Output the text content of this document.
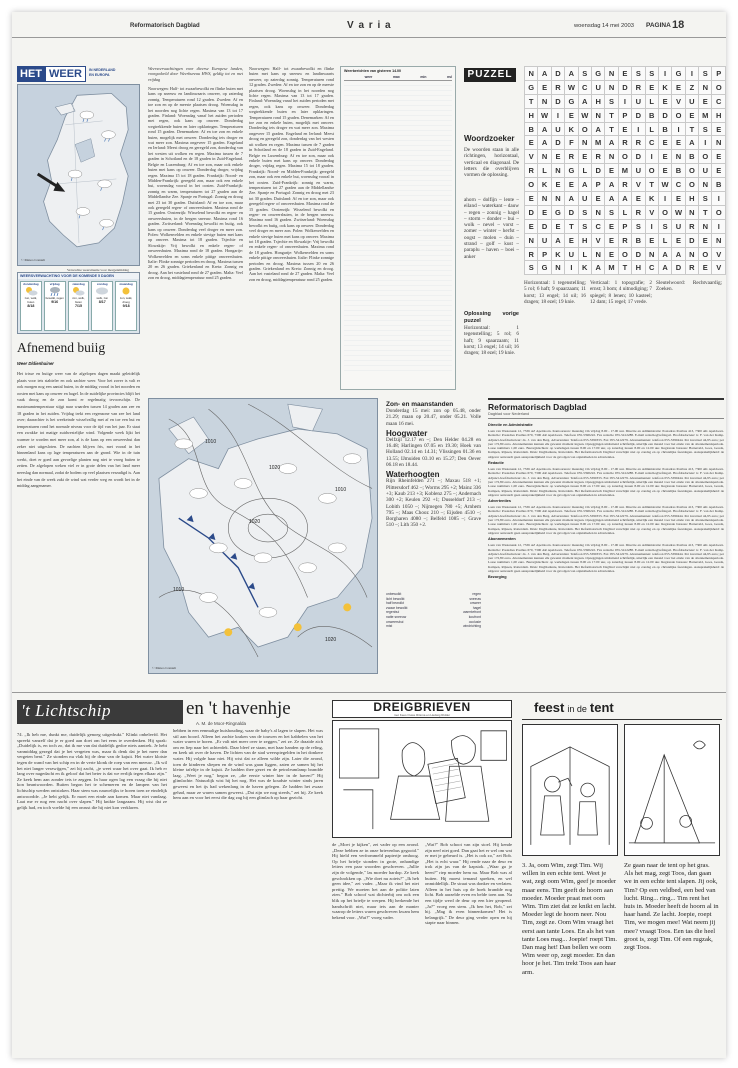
Reformatorisch Dagblad	V a r i a	woensdag 14 mei 2003 PAGINA 18
HET WEER	IN NEDERLAND EN EUROPA
© Meteo Consult
Verwachte weersituatie voor morgenmiddag
WEERSVERWACHTING VOOR DE KOMENDE 5 DAGEN
donderdag
zon, wolk, buien
8/18
vrijdag
bewolkt, regen
9/16
zaterdag
zon, wolk, buien
7/15
zondag
wolk, zon
8/17
maandag
zon, wolk, droog
9/18
Afnemend buiig
Weer Dldienhuiner
Het trisse en buiige weer van de afgelopen dagen maakt geleidelijk plaats voor iets stabieler en ook zachter weer. Voor het zover is valt er ook morgen nog een aantal buien, in de middag vooral in het noorden en oosten met kans op onweer en hagel. In de zuidelijke provincies blijft het vaak droog en de zon komt er regelmatig tevoorschijn. De maximumtemperatuur stijgt naar waarden tussen 14 graden aan zee en 18 graden in het zuiden. Vrijdag trekt een regenzone van zee het land over; daarachter is het weekeinde wisselvallig met af en toe een bui en temperaturen rond het normale niveau voor de tijd van het jaar. Er staat een zwakke tot matige zuidwestelijke wind. Volgende week lijkt het warmer te worden met meer zon, al is de kans op een onweersbui dan zeker niet uitgesloten. De nachten blijven fris, met vooral in het binnenland kans op lage temperaturen aan de grond. Wie in de tuin werkt, doet er goed aan gevoelige planten nog niet te vroeg buiten te zetten. De afgelopen weken viel er in grote delen van het land meer neerslag dan normaal, zodat de bodem op veel plaatsen verzadigd is. Aan het einde van de week zakt de wind wat verder weg en wordt het in de middag aangenamer.
Weersverwachtingen voor diverse Europese landen, voorgedeeld door Weerbureau HWS, geldig tot en met vrijdag
Noorwegen: Half- tot zwaarbewolkt en flinke buien met kans op sneeuw en landinwaarts onweer, op zaterdag zonnig. Temperaturen rond 12 graden. Zweden: Af en toe zon en op de meeste plaatsen droog. Woensdag in het noorden nog lichte regen. Maxima van 13 tot 17 graden. Finland: Woensdag vanaf het zuiden perioden met regen, ook kans op onweer. Donderdag wegtrekkende buien en later opklaringen. Temperaturen rond 15 graden. Denemarken: Af en toe zon en enkele buien, mogelijk met onweer. Donderdag iets droger en wat meer zon. Maxima ongeveer 15 graden. Engeland en Ierland: Meest droog en geregeld zon, donderdag van het westen uit wolken en regen. Maxima tussen de 7 graden in Schotland en de 18 graden in Zuid-Engeland. Belgie en Luxemburg: Af en toe zon, maar ook enkele buien met kans op onweer. Donderdag droger, vrijdag regen. Maxima 15 tot 18 graden. Frankrijk: Noord- en Midden-Frankrijk: geregeld zon, maar ook een enkele bui, woensdag vooral in het oosten. Zuid-Frankrijk: zonnig en warm, temperaturen tot 27 graden aan de Middellandse Zee. Spanje en Portugal: Zonnig en droog met 23 tot 30 graden. Duitsland: Af en toe zon, maar ook geregeld regen- of onweersbuien. Maxima rond de 15 graden. Oostenrijk: Wisselend bewolkt en regen- en onweersbuien, in de bergen sneeuw. Maxima rond 16 graden. Zwitserland: Woensdag bewolkt en buiig, ook kans op onweer. Donderdag veel droger en meer zon. Polen: Wolkenvelden en enkele stevige buien met kans op onweer. Maxima tot 18 graden. Tsjechie en Slowakije: Vrij bewolkt en enkele regen- of onweersbuien. Maxima rond de 18 graden. Hongarije: Wolkenvelden en soms enkele pittige onweersbuien. Italie: Flinke zonnige perioden en droog. Maxima tussen 20 en 26 graden. Griekenland en Kreta: Zonnig en droog. Aan het vasteland rond de 27 graden. Malta: Veel zon en droog, middagtemperatuur rond 25 graden.
Noorwegen: Half- tot zwaarbewolkt en flinke buien met kans op sneeuw en landinwaarts onweer, op zaterdag zonnig. Temperaturen rond 12 graden. Zweden: Af en toe zon en op de meeste plaatsen droog. Woensdag in het noorden nog lichte regen. Maxima van 13 tot 17 graden. Finland: Woensdag vanaf het zuiden perioden met regen, ook kans op onweer. Donderdag wegtrekkende buien en later opklaringen. Temperaturen rond 15 graden. Denemarken: Af en toe zon en enkele buien, mogelijk met onweer. Donderdag iets droger en wat meer zon. Maxima ongeveer 15 graden. Engeland en Ierland: Meest droog en geregeld zon, donderdag van het westen uit wolken en regen. Maxima tussen de 7 graden in Schotland en de 18 graden in Zuid-Engeland. Belgie en Luxemburg: Af en toe zon, maar ook enkele buien met kans op onweer. Donderdag droger, vrijdag regen. Maxima 15 tot 18 graden. Frankrijk: Noord- en Midden-Frankrijk: geregeld zon, maar ook een enkele bui, woensdag vooral in het oosten. Zuid-Frankrijk: zonnig en warm, temperaturen tot 27 graden aan de Middellandse Zee. Spanje en Portugal: Zonnig en droog met 23 tot 30 graden. Duitsland: Af en toe zon, maar ook geregeld regen- of onweersbuien. Maxima rond de 15 graden. Oostenrijk: Wisselend bewolkt en regen- en onweersbuien, in de bergen sneeuw. Maxima rond 16 graden. Zwitserland: Woensdag bewolkt en buiig, ook kans op onweer. Donderdag veel droger en meer zon. Polen: Wolkenvelden en enkele stevige buien met kans op onweer. Maxima tot 18 graden. Tsjechie en Slowakije: Vrij bewolkt en enkele regen- of onweersbuien. Maxima rond de 18 graden. Hongarije: Wolkenvelden en soms enkele pittige onweersbuien. Italie: Flinke zonnige perioden en droog. Maxima tussen 20 en 26 graden. Griekenland en Kreta: Zonnig en droog. Aan het vasteland rond de 27 graden. Malta: Veel zon en droog, middagtemperatuur rond 25 graden.
Weerberichten van gisteren 14.00
weer	max	min	nsl	PUZZEL
Woordzoeker
De woorden staan in alle richtingen, horizontaal, verticaal en diagonaal. De letters die overblijven vormen de oplossing.
ahorn – dolfijn – lente – eiland – waterkant – dauw – regen – zonnig – hagel – storm – donder – bui – wolk – nevel – vorst – zomer – winter – herfst – oogst – molen – duin – strand – golf – kust – paraplu – haven – boei – anker
Oplossing vorige puzzel
Horizontaal: 1 tegenstelling; 5 rol; 6 haft; 9 spaarzaam; 11 korst; 13 engel; 14 uil; 16 dragen; 18 ezel; 19 knie.
N	A	D	A	S	G	N	E	S	S	I	G	I	S	P
G	E	R	W	C	U	N	D	R	E	K	E	Z	N	O
T	N	D	G	A	H	S	I	U	L	E	V	U	E	C
H	W	I	E	W	N	T	P	D	B	D	O	E	M	H
B	A	U	K	O	A	T	E	I	L	B	I	T	S	E
E	A	D	F	N	M	A	R	R	C	E	E	A	I	N
V	N	E	R	E	R	N	O	D	I	E	N	B	O	E
R	L	N	G	L	D	E	M	U	O	E	B	O	U	E
O	K	E	E	A	P	A	R	V	T	W	C	O	N	B
E	N	N	A	U	E	A	A	E	K	I	E	H	S	I
D	E	G	D	S	N	S	L	R	V	O	W	N	T	O
E	D	E	T	S	C	E	P	S	I	S	U	R	N	I
N	U	A	E	H	V	E	R	B	E	L	E	D	E	N
R	P	K	U	L	N	E	O	D	N	A	A	N	O	V
S	G	N	I	K	A	M	T	H	C	A	D	R	E	V
Horizontaal: 1 tegenstelling; 5 rol; 6 haft; 9 spaarzaam; 11 korst; 13 engel; 14 uil; 16 dragen; 18 ezel; 19 knie.
Verticaal: 1 topografie; 2 ernst; 3 bom; 4 uitnodiging; 7 spiegel; 8 lenen; 10 kasteel; 12 dam; 15 regel; 17 vrede.
Sleutelwoord: Rechtvaardig; Zoeken.
1010
1020
1010
1020
1010
1020
© Meteo Consult
Zon- en maanstanden
Donderdag 15 mei: zon op 05.48, onder 21.29; maan op 20.47, onder 05.21. Volle maan 16 mei.
Hoogwater
Delfzijl 12.17 en –; Den Helder 04.28 en 16.48; Harlingen 07.05 en 19.30; Hoek van Holland 02.14 en 14.31; Vlissingen 01.36 en 13.55; IJmuiden 03.10 en 15.27; Den Oever 06.18 en 18.44.
Waterhoogten
Rijn Rheinfelden 271 –; Maxau 518 +1; Plittersdorf 462 –; Worms 295 +2; Mainz 336 +3; Kaub 213 +3; Koblenz 275 –; Andernach 300 +2; Keulen 292 +1; Dusseldorf 213 –; Lobith 1050 –; Nijmegen 780 +5; Arnhem 795 –; Maas Chooz 210 –; Eijsden 4510 –; Borgharen 4080 –; Belfeld 1085 –; Grave 510 –; Lith 350 +2.
onbewolkt	regen
licht bewolkt	sneeuw
half bewolkt	onweer
zwaar bewolkt	hagel
regenbui	warmtefront
natte sneeuw	koufront
onweersbui	occlusie
mist	windrichting
Reformatorisch Dagblad
Dagblad voor Nederland
Directie en Administratie
Laan van Westenenk 12, 7336 AZ Apeldoorn. Kantooruren: maandag t/m vrijdag 8.00 - 17.00 uur. Directie en Administratie: Postadres Postbus 413, 7300 AK Apeldoorn. Redactie: Postadres Postbus 670, 7300 AR Apeldoorn. Telefoon 055-5390222. Fax redactie 055-5412288. E-mail redactie@refdag.nl. Hoofdredacteur: ir. F. van der Kamp. Adjunct-hoofdredacteur: ds. J. van den Berg. Advertenties: Telefoon 055-5390333. Fax 055-5412279. Abonnementen: telefoon 055-5390444. Per kwartaal 44,95 euro; per jaar 172,80 euro. Abonnementen kunnen elk gewenst moment ingaan. Opzeggingen uitsluitend schriftelijk, uiterlijk een maand voor het einde van de abonnementsperiode. Losse nummers 1,00 euro. Bezorgklachten: op werkdagen tussen 8.00 en 17.00 uur, op zaterdag tussen 8.00 en 12.00 uur. Regionale bureaus: Barneveld, Goes, Gouda, Kampen, Rijssen, Rotterdam. Druk: Dagbladunie, Rotterdam. Het Reformatorisch Dagblad verschijnt niet op zondag en op christelijke feestdagen. Aansprakelijkheid: de uitgever aanvaardt geen aansprakelijkheid voor de gevolgen van onjuistheden in advertenties.
Redactie
Laan van Westenenk 12, 7336 AZ Apeldoorn. Kantooruren: maandag t/m vrijdag 8.00 - 17.00 uur. Directie en Administratie: Postadres Postbus 413, 7300 AK Apeldoorn. Redactie: Postadres Postbus 670, 7300 AR Apeldoorn. Telefoon 055-5390222. Fax redactie 055-5412288. E-mail redactie@refdag.nl. Hoofdredacteur: ir. F. van der Kamp. Adjunct-hoofdredacteur: ds. J. van den Berg. Advertenties: Telefoon 055-5390333. Fax 055-5412279. Abonnementen: telefoon 055-5390444. Per kwartaal 44,95 euro; per jaar 172,80 euro. Abonnementen kunnen elk gewenst moment ingaan. Opzeggingen uitsluitend schriftelijk, uiterlijk een maand voor het einde van de abonnementsperiode. Losse nummers 1,00 euro. Bezorgklachten: op werkdagen tussen 8.00 en 17.00 uur, op zaterdag tussen 8.00 en 12.00 uur. Regionale bureaus: Barneveld, Goes, Gouda, Kampen, Rijssen, Rotterdam. Druk: Dagbladunie, Rotterdam. Het Reformatorisch Dagblad verschijnt niet op zondag en op christelijke feestdagen. Aansprakelijkheid: de uitgever aanvaardt geen aansprakelijkheid voor de gevolgen van onjuistheden in advertenties.
Advertenties
Laan van Westenenk 12, 7336 AZ Apeldoorn. Kantooruren: maandag t/m vrijdag 8.00 - 17.00 uur. Directie en Administratie: Postadres Postbus 413, 7300 AK Apeldoorn. Redactie: Postadres Postbus 670, 7300 AR Apeldoorn. Telefoon 055-5390222. Fax redactie 055-5412288. E-mail redactie@refdag.nl. Hoofdredacteur: ir. F. van der Kamp. Adjunct-hoofdredacteur: ds. J. van den Berg. Advertenties: Telefoon 055-5390333. Fax 055-5412279. Abonnementen: telefoon 055-5390444. Per kwartaal 44,95 euro; per jaar 172,80 euro. Abonnementen kunnen elk gewenst moment ingaan. Opzeggingen uitsluitend schriftelijk, uiterlijk een maand voor het einde van de abonnementsperiode. Losse nummers 1,00 euro. Bezorgklachten: op werkdagen tussen 8.00 en 17.00 uur, op zaterdag tussen 8.00 en 12.00 uur. Regionale bureaus: Barneveld, Goes, Gouda, Kampen, Rijssen, Rotterdam. Druk: Dagbladunie, Rotterdam. Het Reformatorisch Dagblad verschijnt niet op zondag en op christelijke feestdagen. Aansprakelijkheid: de uitgever aanvaardt geen aansprakelijkheid voor de gevolgen van onjuistheden in advertenties.
Abonnementen
Laan van Westenenk 12, 7336 AZ Apeldoorn. Kantooruren: maandag t/m vrijdag 8.00 - 17.00 uur. Directie en Administratie: Postadres Postbus 413, 7300 AK Apeldoorn. Redactie: Postadres Postbus 670, 7300 AR Apeldoorn. Telefoon 055-5390222. Fax redactie 055-5412288. E-mail redactie@refdag.nl. Hoofdredacteur: ir. F. van der Kamp. Adjunct-hoofdredacteur: ds. J. van den Berg. Advertenties: Telefoon 055-5390333. Fax 055-5412279. Abonnementen: telefoon 055-5390444. Per kwartaal 44,95 euro; per jaar 172,80 euro. Abonnementen kunnen elk gewenst moment ingaan. Opzeggingen uitsluitend schriftelijk, uiterlijk een maand voor het einde van de abonnementsperiode. Losse nummers 1,00 euro. Bezorgklachten: op werkdagen tussen 8.00 en 17.00 uur, op zaterdag tussen 8.00 en 12.00 uur. Regionale bureaus: Barneveld, Goes, Gouda, Kampen, Rijssen, Rotterdam. Druk: Dagbladunie, Rotterdam. Het Reformatorisch Dagblad verschijnt niet op zondag en op christelijke feestdagen. Aansprakelijkheid: de uitgever aanvaardt geen aansprakelijkheid voor de gevolgen van onjuistheden in advertenties.
Bezorging
't Lichtschip	en 't havenhje
A. M. de Moor-Ringnalda
74. „Ik heb me, dunkt me, duidelijk genoeg uitgedrukt." Klinkt onbeleefd. Het spreekt vanzelf dat je er goed aan doet om het eens te overdenken. Hij sprak: „Duidelijk is, en toch zo, dat ik me van dat duidelijk gedoe niets aantrek. Je hebt vanmiddag gezegd dat je het vergeten was, maar ik denk dat je het meer dan vergeten bent." Ze stonden nu vlak bij de deur van de kajuit. Het water klotste tegen de wand van het schip en in de verte klonk de roep van een meeuw. „Ik wil het niet langer verzwijgen," zei hij zacht, „je weet waar het over gaat. Ik heb er lang over nagedacht en ik geloof dat het beter is dat we eerlijk tegen elkaar zijn." Ze keek hem aan zonder iets te zeggen. In haar ogen lag een vraag die hij niet kon beantwoorden. Buiten begon het te schemeren en de lampen van het lichtschip werden ontstoken. Haar stem was nauwelijks te horen toen ze eindelijk antwoordde. „Je hebt gelijk. Er moet een einde aan komen. Maar niet vandaag. Laat me er nog een nacht over slapen." Hij knikte langzaam. Hij wist dat ze gelijk had, en toch voelde hij een onrust die hij niet kon verklaren.
hebben in een eenmalige huishouding, waar de baby's al lagen te slapen. Het was stil aan boord. Alleen het zachte kraken van de touwen en het kabbelen van het water waren te horen. „Er valt niet meer over te zeggen," zei ze. Ze draaide zich om en liep naar het achterdek. Daar bleef ze staan, met haar handen op de reling, en keek uit over de haven. De lichten van de stad weerspiegelden in het donkere water. Hij volgde haar niet. Hij wist dat ze alleen wilde zijn. Later die avond, toen de kinderen sliepen en de wind was gaan liggen, zaten ze samen bij het kleine tafeltje in de kajuit. Ze hadden thee gezet en de petroleumlamp brandde laag. „Weet je nog," begon ze, „die eerste winter hier in de haven?" Hij glimlachte. Natuurlijk wist hij het nog. Het was de koudste winter sinds jaren geweest en het ijs had wekenlang in de haven gelegen. Ze hadden het zwaar gehad, maar ze waren samen geweest. „Dat zijn we nog steeds," zei hij. Ze keek hem aan en voor het eerst die dag zag hij een glimlach op haar gezicht.
DREIGBRIEVEN
met Kees Ouwe Ritsma en Hedwig Ridder
de „Moet je kijken", zei vader op een avond. „Deze hebben ze in onze brievenbus gegooid." Hij hield een verfrommeld papiertje omhoog. Op het briefje stonden in grote, onhandige letters een paar woorden geschreven. „Jullie zijn de volgende," las moeder hardop. Ze keek geschrokken op. „Wie doet nu zoiets?" „Ik heb geen idee," zei vader. „Maar ik vind het niet prettig. We moeten het aan de politie laten zien." Bob schoof wat dichterbij om ook een blik op het briefje te werpen. Hij herkende het handschrift niet, maar iets aan de manier waarop de letters waren geschreven kwam hem bekend voor. „Wat?" vroeg vader.
„Wat?" Bob schoot van zijn stoel. Hij kende zijn neef niet goed. Dan gaat het er wel om wat er met je gebeurd is. „Het is ook zo," zei Bob. „Het is echt waar." Hij rende naar de deur en trok zijn jas van de kapstok. „Waar ga je heen?" riep moeder hem na. Maar Bob was al buiten. Hij moest iemand spreken, en wel onmiddellijk. De straat was donker en verlaten. Alleen in het huis op de hoek brandde nog licht. Bob aarzelde even en belde toen aan. Na een tijdje werd de deur op een kier geopend. „Ja?" vroeg een stem. „Ik ben het, Bob," zei hij. „Mag ik even binnenkomen? Het is belangrijk." De deur ging verder open en hij stapte naar binnen.
feest in de tent
3. Ja, oom Wim, zegt Tim. Wij willen in een echte tent. Weet je wat, zegt oom Wim, geef je moeder maar eens. Tim geeft de hoorn aan moeder. Moeder praat met oom Wim. Tim ziet dat ze knikt en lacht. Moeder legt de hoorn neer. Nou Tim, zegt ze. Oom Wim vraagt het eerst aan tante Loes. En als het van tante Loes mag... Joepie! roept Tim. Dan mag het! Dan bellen we oom Wim weer op, zegt moeder. En dan hoor je het. Tim trekt Toos aan haar arm.
Ze gaan naar de tent op het gras. Als het mag, zegt Toos, dan gaan we in een echte tent slapen. Jij ook, Tim? Op een veldbed, een bed van lucht. Ring... ring... Tim rent het huis in. Moeder heeft de hoorn al in haar hand. Ze lacht. Joepie, roept Tim, we mogen mee! Wat neem jij mee? vraagt Toos. Een tas die heel groot is, zegt Tim. Of een rugzak, zegt Toos.
